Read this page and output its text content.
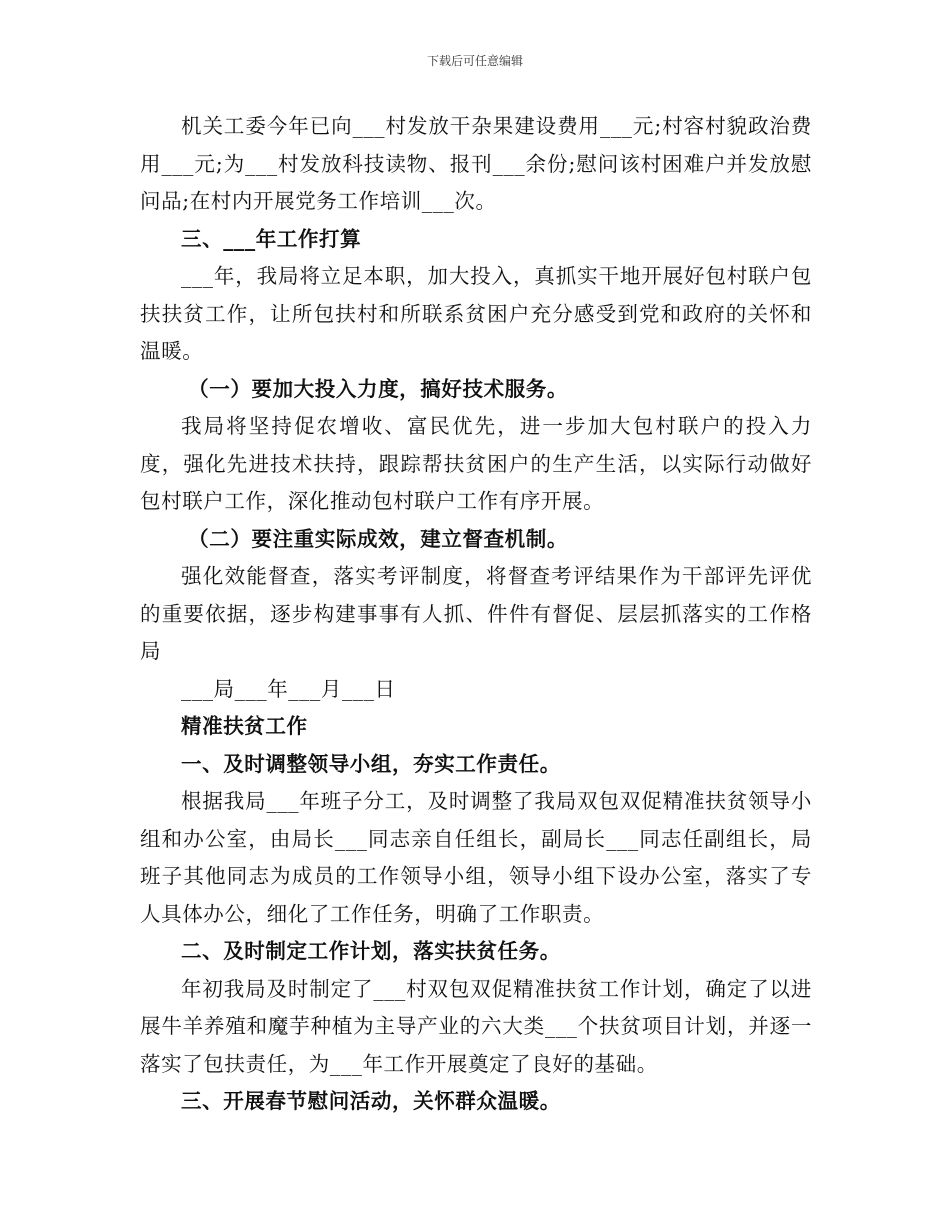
下载后可任意编辑

机关工委今年已向___村发放干杂果建设费用___元;村容村貌政治费用___元;为___村发放科技读物、报刊___余份;慰问该村困难户并发放慰问品;在村内开展党务工作培训___次。

三、___年工作打算

___年，我局将立足本职，加大投入，真抓实干地开展好包村联户包扶扶贫工作，让所包扶村和所联系贫困户充分感受到党和政府的关怀和温暖。

（一）要加大投入力度，搞好技术服务。

我局将坚持促农增收、富民优先，进一步加大包村联户的投入力度，强化先进技术扶持，跟踪帮扶贫困户的生产生活，以实际行动做好包村联户工作，深化推动包村联户工作有序开展。

（二）要注重实际成效，建立督查机制。

强化效能督查，落实考评制度，将督查考评结果作为干部评先评优的重要依据，逐步构建事事有人抓、件件有督促、层层抓落实的工作格局

___局___年___月___日

精准扶贫工作

一、及时调整领导小组，夯实工作责任。

根据我局___年班子分工，及时调整了我局双包双促精准扶贫领导小组和办公室，由局长___同志亲自任组长，副局长___同志任副组长，局班子其他同志为成员的工作领导小组，领导小组下设办公室，落实了专人具体办公，细化了工作任务，明确了工作职责。

二、及时制定工作计划，落实扶贫任务。

年初我局及时制定了___村双包双促精准扶贫工作计划，确定了以进展牛羊养殖和魔芋种植为主导产业的六大类___个扶贫项目计划，并逐一落实了包扶责任，为___年工作开展奠定了良好的基础。

三、开展春节慰问活动，关怀群众温暖。
